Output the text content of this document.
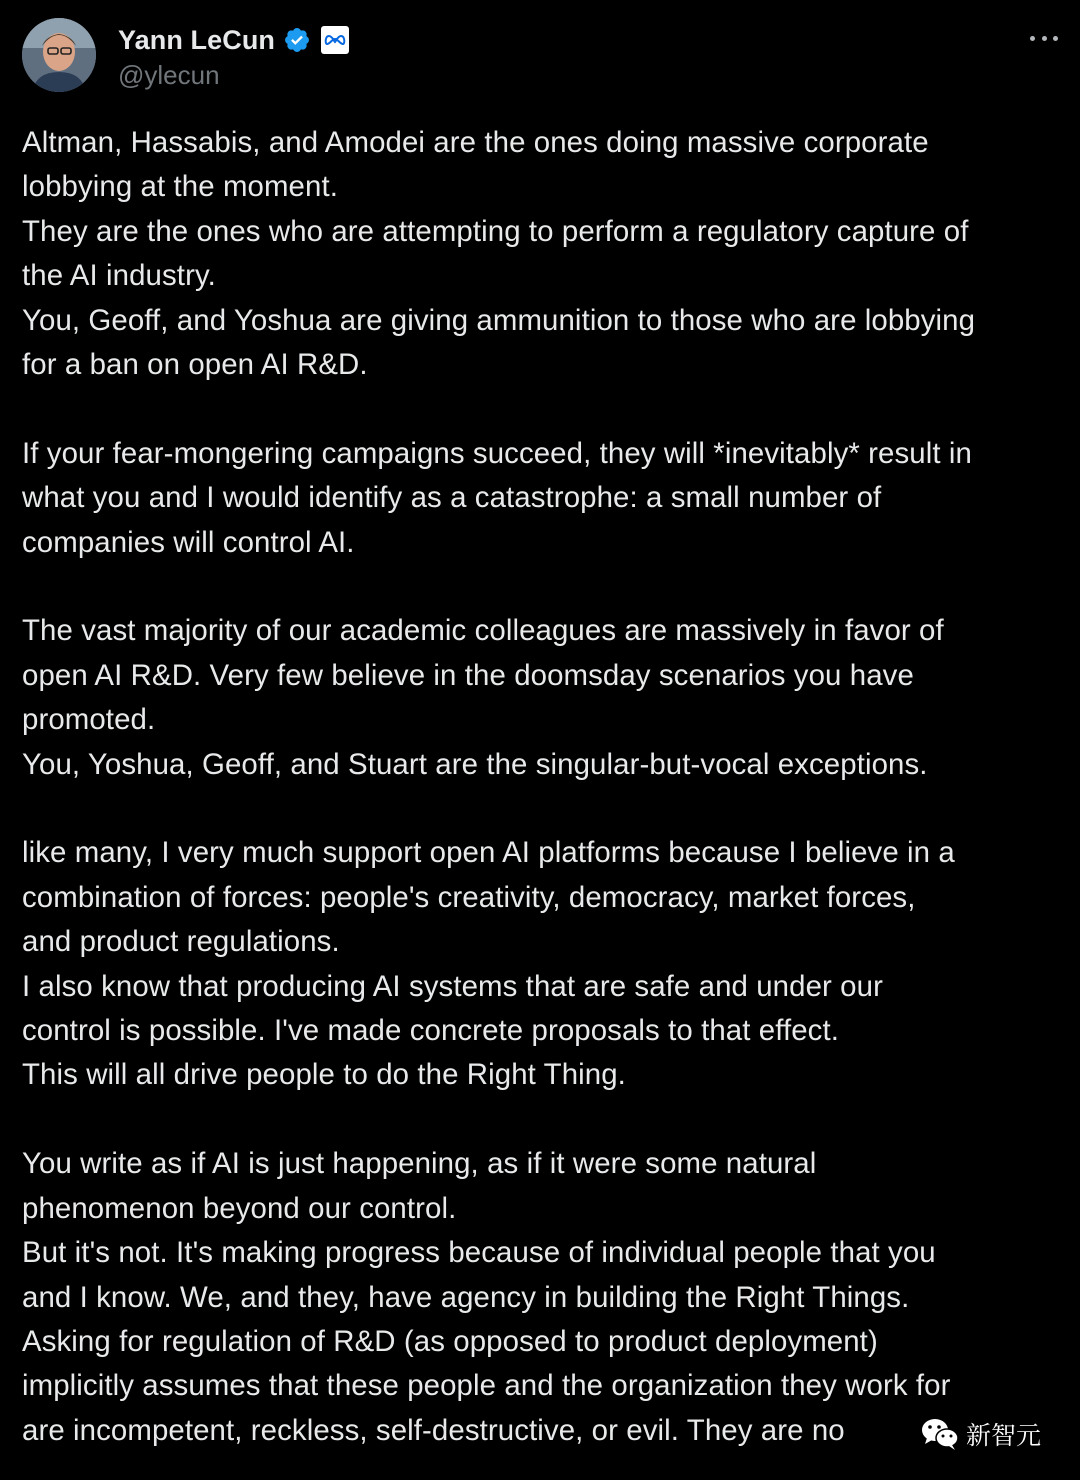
Yann LeCun
@ylecun

Altman, Hassabis, and Amodei are the ones doing massive corporate

lobbying at the moment.

They are the ones who are attempting to perform a regulatory capture of

the AI industry.

You, Geoff, and Yoshua are giving ammunition to those who are lobbying

for a ban on open AI R&D.

If your fear-mongering campaigns succeed, they will *inevitably* result in

what you and I would identify as a catastrophe: a small number of

companies will control AI.

The vast majority of our academic colleagues are massively in favor of

open AI R&D. Very few believe in the doomsday scenarios you have

promoted.

You, Yoshua, Geoff, and Stuart are the singular-but-vocal exceptions.

like many, I very much support open AI platforms because I believe in a

combination of forces: people's creativity, democracy, market forces,

and product regulations.

I also know that producing AI systems that are safe and under our

control is possible. I've made concrete proposals to that effect.

This will all drive people to do the Right Thing.

You write as if AI is just happening, as if it were some natural

phenomenon beyond our control.

But it's not. It's making progress because of individual people that you

and I know. We, and they, have agency in building the Right Things.

Asking for regulation of R&D (as opposed to product deployment)

implicitly assumes that these people and the organization they work for

are incompetent, reckless, self-destructive, or evil. They are no	新智元
